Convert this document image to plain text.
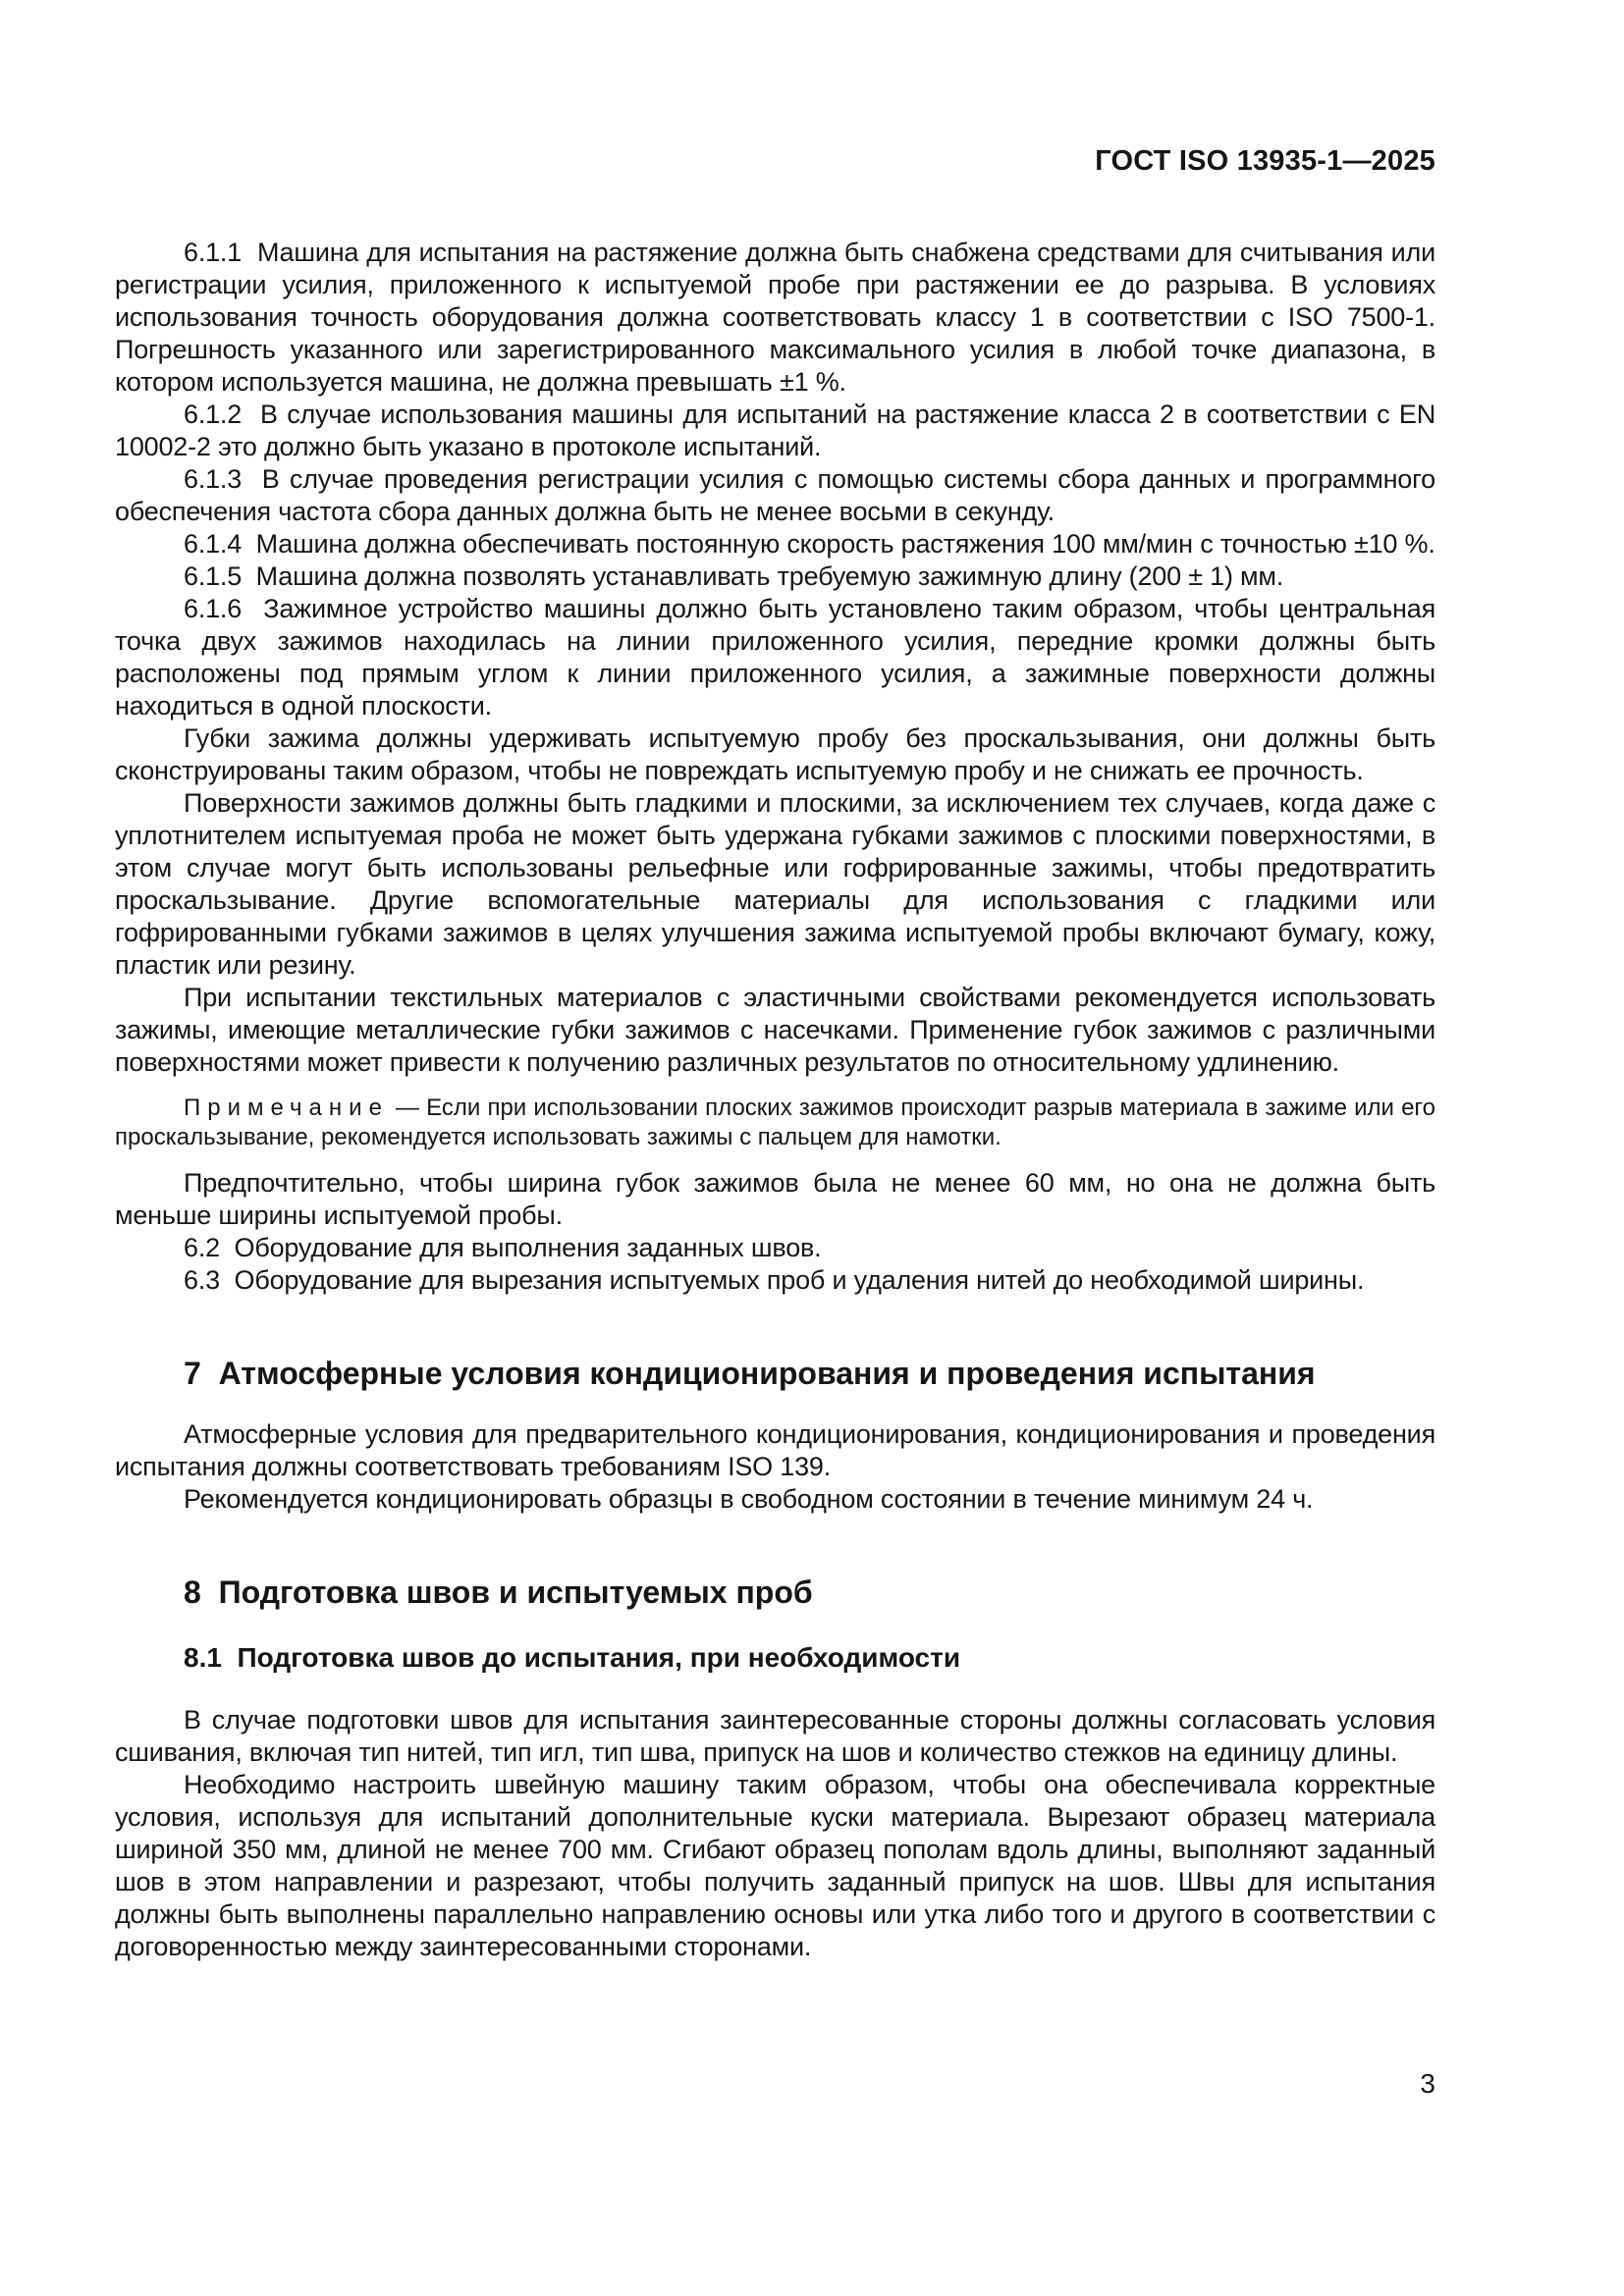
ГОСТ ISO 13935-1—2025

6.1.1  Машина для испытания на растяжение должна быть снабжена средствами для считывания или регистрации усилия, приложенного к испытуемой пробе при растяжении ее до разрыва. В условиях использования точность оборудования должна соответствовать классу 1 в соответствии с ISO 7500-1. Погрешность указанного или зарегистрированного максимального усилия в любой точке диапазона, в котором используется машина, не должна превышать ±1 %.

6.1.2  В случае использования машины для испытаний на растяжение класса 2 в соответствии с EN 10002-2 это должно быть указано в протоколе испытаний.

6.1.3  В случае проведения регистрации усилия с помощью системы сбора данных и программного обеспечения частота сбора данных должна быть не менее восьми в секунду.

6.1.4  Машина должна обеспечивать постоянную скорость растяжения 100 мм/мин с точностью ±10 %.

6.1.5  Машина должна позволять устанавливать требуемую зажимную длину (200 ± 1) мм.

6.1.6  Зажимное устройство машины должно быть установлено таким образом, чтобы центральная точка двух зажимов находилась на линии приложенного усилия, передние кромки должны быть расположены под прямым углом к линии приложенного усилия, а зажимные поверхности должны находиться в одной плоскости.

Губки зажима должны удерживать испытуемую пробу без проскальзывания, они должны быть сконструированы таким образом, чтобы не повреждать испытуемую пробу и не снижать ее прочность.

Поверхности зажимов должны быть гладкими и плоскими, за исключением тех случаев, когда даже с уплотнителем испытуемая проба не может быть удержана губками зажимов с плоскими поверхностями, в этом случае могут быть использованы рельефные или гофрированные зажимы, чтобы предотвратить проскальзывание. Другие вспомогательные материалы для использования с гладкими или гофрированными губками зажимов в целях улучшения зажима испытуемой пробы включают бумагу, кожу, пластик или резину.

При испытании текстильных материалов с эластичными свойствами рекомендуется использовать зажимы, имеющие металлические губки зажимов с насечками. Применение губок зажимов с различными поверхностями может привести к получению различных результатов по относительному удлинению.

Примечание — Если при использовании плоских зажимов происходит разрыв материала в зажиме или его проскальзывание, рекомендуется использовать зажимы с пальцем для намотки.

Предпочтительно, чтобы ширина губок зажимов была не менее 60 мм, но она не должна быть меньше ширины испытуемой пробы.

6.2  Оборудование для выполнения заданных швов.

6.3  Оборудование для вырезания испытуемых проб и удаления нитей до необходимой ширины.

7  Атмосферные условия кондиционирования и проведения испытания

Атмосферные условия для предварительного кондиционирования, кондиционирования и проведения испытания должны соответствовать требованиям ISO 139.

Рекомендуется кондиционировать образцы в свободном состоянии в течение минимум 24 ч.

8  Подготовка швов и испытуемых проб
8.1  Подготовка швов до испытания, при необходимости

В случае подготовки швов для испытания заинтересованные стороны должны согласовать условия сшивания, включая тип нитей, тип игл, тип шва, припуск на шов и количество стежков на единицу длины.

Необходимо настроить швейную машину таким образом, чтобы она обеспечивала корректные условия, используя для испытаний дополнительные куски материала. Вырезают образец материала шириной 350 мм, длиной не менее 700 мм. Сгибают образец пополам вдоль длины, выполняют заданный шов в этом направлении и разрезают, чтобы получить заданный припуск на шов. Швы для испытания должны быть выполнены параллельно направлению основы или утка либо того и другого в соответствии с договоренностью между заинтересованными сторонами.

3
